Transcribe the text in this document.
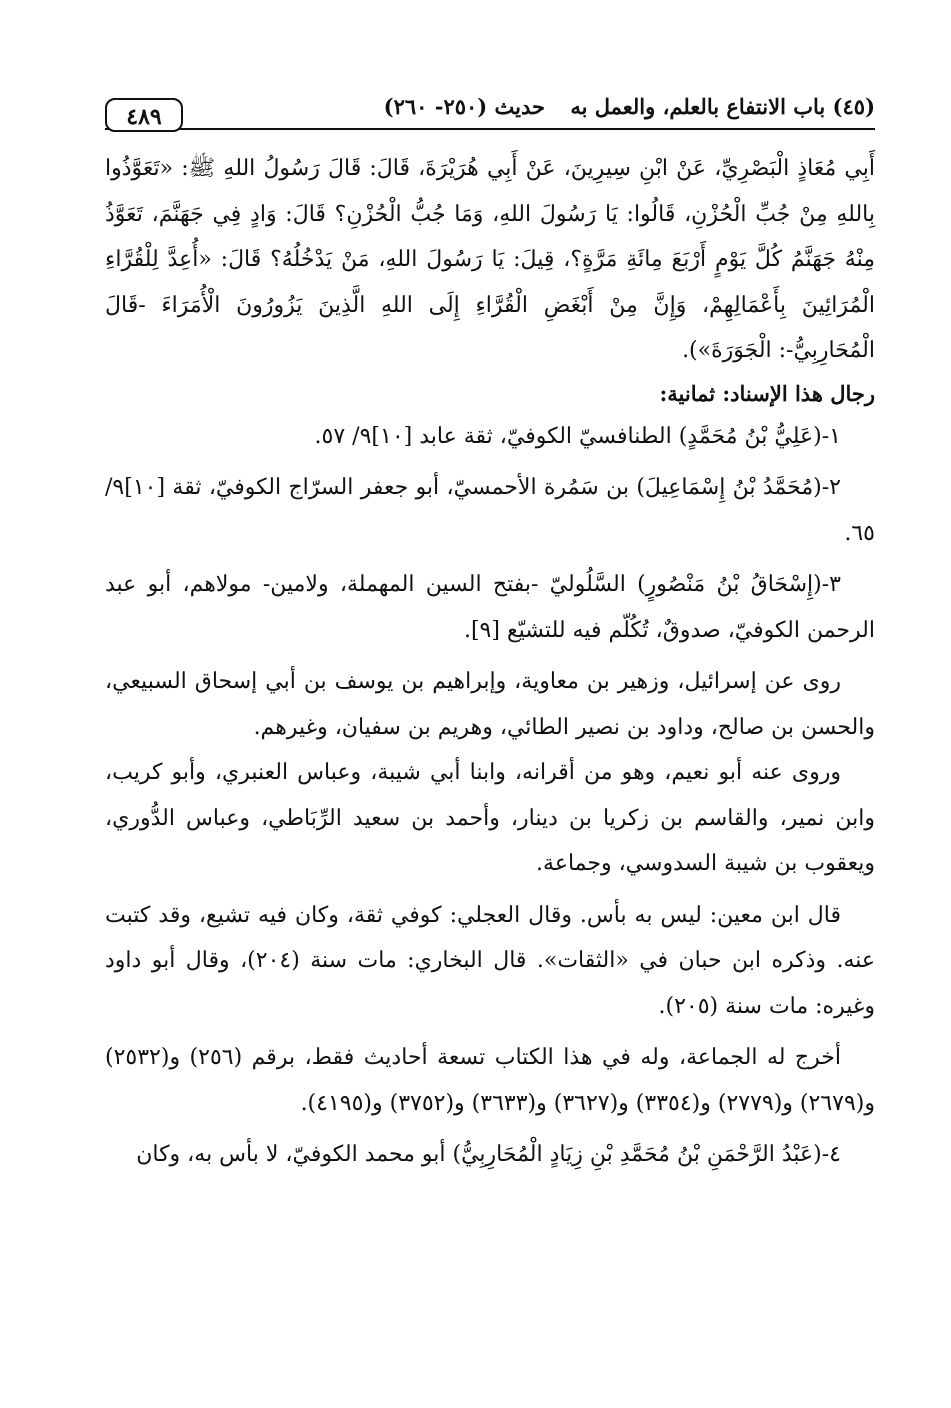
(٤٥) باب الانتفاع بالعلم، والعمل به
حديث (٢٥٠- ٢٦٠)
٤٨٩

أَبِي مُعَاذٍ الْبَصْرِيِّ، عَنْ ابْنِ سِيرِينَ، عَنْ أَبِي هُرَيْرَةَ، قَالَ: قَالَ رَسُولُ اللهِ ﷺ: «تَعَوَّذُوا بِاللهِ مِنْ جُبِّ الْحُزْنِ، قَالُوا: يَا رَسُولَ اللهِ، وَمَا جُبُّ الْحُزْنِ؟ قَالَ: وَادٍ فِي جَهَنَّمَ، تَعَوَّذُ مِنْهُ جَهَنَّمُ كُلَّ يَوْمٍ أَرْبَعَ مِائَةِ مَرَّةٍ؟، قِيلَ: يَا رَسُولَ اللهِ، مَنْ يَدْخُلُهُ؟ قَالَ: «أُعِدَّ لِلْقُرَّاءِ الْمُرَائِينَ بِأَعْمَالِهِمْ، وَإِنَّ مِنْ أَبْغَضِ الْقُرَّاءِ إِلَى اللهِ الَّذِينَ يَزُورُونَ الْأُمَرَاءَ -قَالَ الْمُحَارِبِيُّ-: الْجَوَرَةَ»).

رجال هذا الإسناد: ثمانية:

١-(عَلِيُّ بْنُ مُحَمَّدٍ) الطنافسيّ الكوفيّ، ثقة عابد [١٠]٩/ ٥٧.

٢-(مُحَمَّدُ بْنُ إِسْمَاعِيلَ) بن سَمُرة الأحمسيّ، أبو جعفر السرّاج الكوفيّ، ثقة [١٠]٩/ ٦٥.

٣-(إِسْحَاقُ بْنُ مَنْصُورٍ) السَّلُوليّ -بفتح السين المهملة، ولامين- مولاهم، أبو عبد الرحمن الكوفيّ، صدوقٌ، تُكُلّم فيه للتشيّع [٩].

روى عن إسرائيل، وزهير بن معاوية، وإبراهيم بن يوسف بن أبي إسحاق السبيعي، والحسن بن صالح، وداود بن نصير الطائي، وهريم بن سفيان، وغيرهم.

وروى عنه أبو نعيم، وهو من أقرانه، وابنا أبي شيبة، وعباس العنبري، وأبو كريب، وابن نمير، والقاسم بن زكريا بن دينار، وأحمد بن سعيد الرِّبَاطي، وعباس الدُّوري، ويعقوب بن شيبة السدوسي، وجماعة.

قال ابن معين: ليس به بأس. وقال العجلي: كوفي ثقة، وكان فيه تشيع، وقد كتبت عنه. وذكره ابن حبان في «الثقات». قال البخاري: مات سنة (٢٠٤)، وقال أبو داود وغيره: مات سنة (٢٠٥).

أخرج له الجماعة، وله في هذا الكتاب تسعة أحاديث فقط، برقم (٢٥٦) و(٢٥٣٢) و(٢٦٧٩) و(٢٧٧٩) و(٣٣٥٤) و(٣٦٢٧) و(٣٦٣٣) و(٣٧٥٢) و(٤١٩٥).

٤-(عَبْدُ الرَّحْمَنِ بْنُ مُحَمَّدِ بْنِ زِيَادٍ الْمُحَارِبِيُّ) أبو محمد الكوفيّ، لا بأس به، وكان
